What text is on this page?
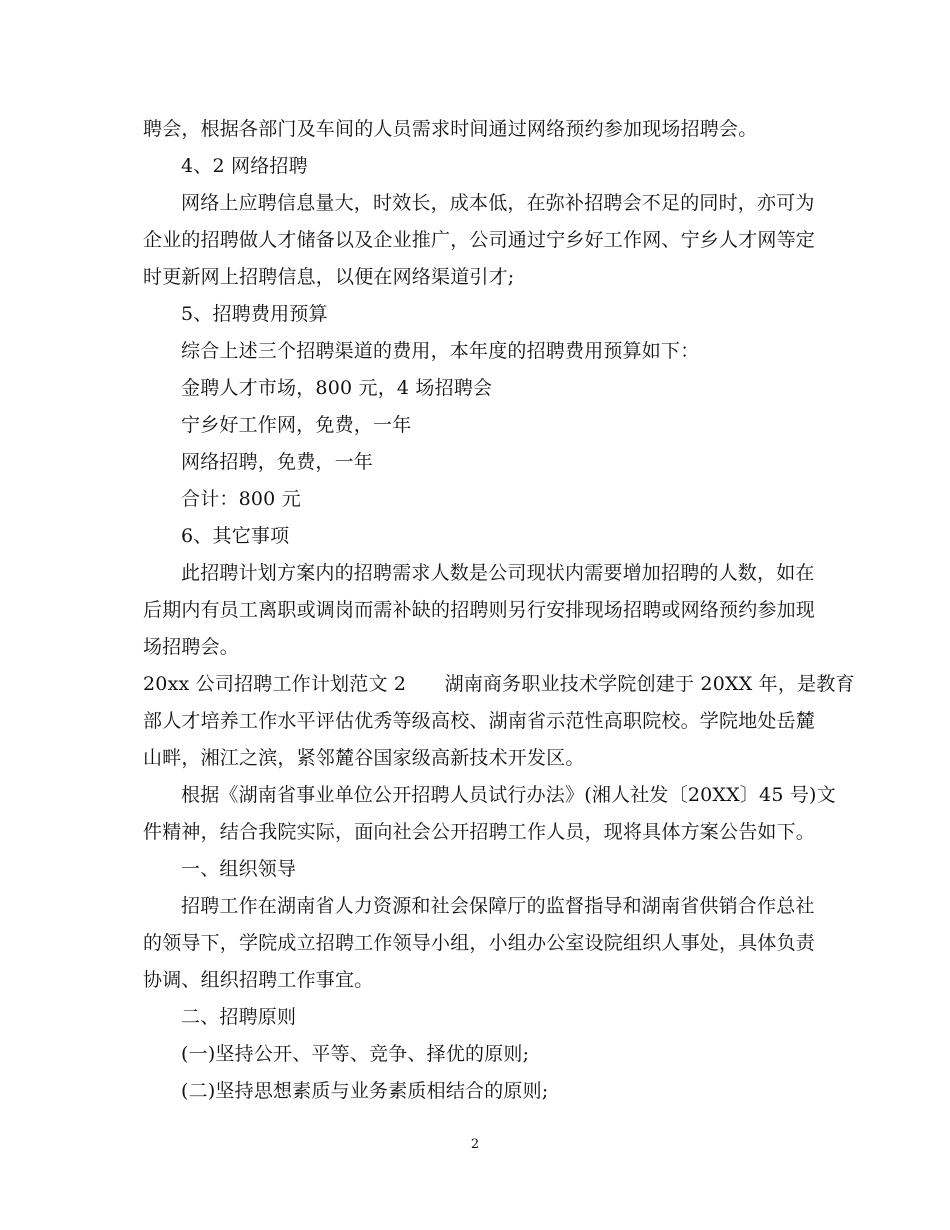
聘会，根据各部门及车间的人员需求时间通过网络预约参加现场招聘会。
4、2 网络招聘
网络上应聘信息量大，时效长，成本低，在弥补招聘会不足的同时，亦可为
企业的招聘做人才储备以及企业推广，公司通过宁乡好工作网、宁乡人才网等定
时更新网上招聘信息，以便在网络渠道引才;
5、招聘费用预算
综合上述三个招聘渠道的费用，本年度的招聘费用预算如下：
金聘人才市场，800 元，4 场招聘会
宁乡好工作网，免费，一年
网络招聘，免费，一年
合计：800 元
6、其它事项
此招聘计划方案内的招聘需求人数是公司现状内需要增加招聘的人数，如在
后期内有员工离职或调岗而需补缺的招聘则另行安排现场招聘或网络预约参加现
场招聘会。
20xx 公司招聘工作计划范文 2　　湖南商务职业技术学院创建于 20XX 年，是教育
部人才培养工作水平评估优秀等级高校、湖南省示范性高职院校。学院地处岳麓
山畔，湘江之滨，紧邻麓谷国家级高新技术开发区。
根据《湖南省事业单位公开招聘人员试行办法》(湘人社发〔20XX〕45 号)文
件精神，结合我院实际，面向社会公开招聘工作人员，现将具体方案公告如下。
一、组织领导
招聘工作在湖南省人力资源和社会保障厅的监督指导和湖南省供销合作总社
的领导下，学院成立招聘工作领导小组，小组办公室设院组织人事处，具体负责
协调、组织招聘工作事宜。
二、招聘原则
(一)坚持公开、平等、竞争、择优的原则;
(二)坚持思想素质与业务素质相结合的原则;
2
